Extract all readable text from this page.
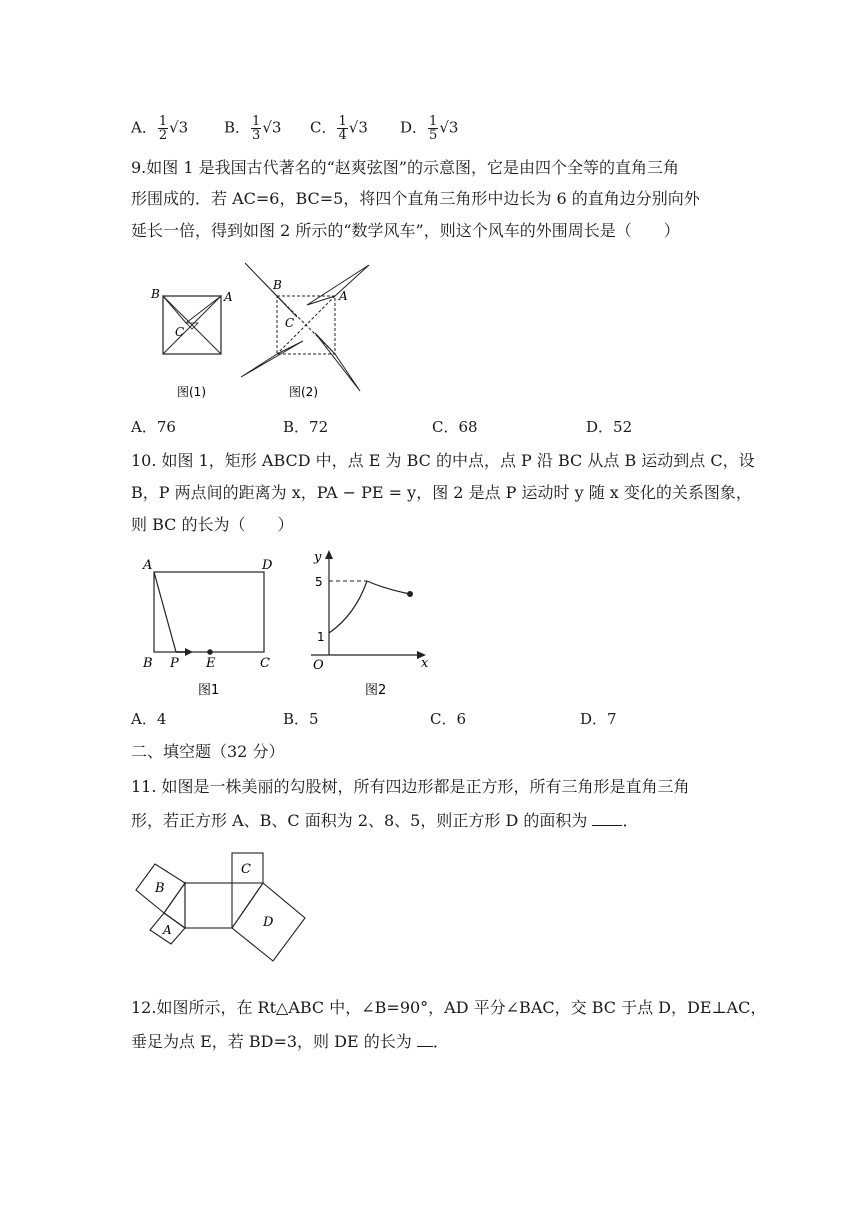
A． $\frac{1}{2} √3$ B． $\frac{1}{3} √3$ C． $\frac{1}{4} √3$ D． $\frac{1}{5} √3$
9.如图 1 是我国古代著名的“赵爽弦图”的示意图，它是由四个全等的直角三角
形围成的．若 AC=6，BC=5，将四个直角三角形中边长为 6 的直角边分别向外
延长一倍，得到如图 2 所示的“数学风车”，则这个风车的外围周长是（　　）
B	A
C
图(1)
B
A
C
图(2)
A．76	B．72	C．68	D．52
10. 如图 1，矩形 ABCD 中，点 E 为 BC 的中点，点 P 沿 BC 从点 B 运动到点 C，设
B，P 两点间的距离为 x，PA − PE = y，图 2 是点 P 运动时 y 随 x 变化的关系图象，
则 BC 的长为（　　）
A	D
B P E	C
图1
y
5
1
O	x
图2
A．4	B．5	C．6	D．7
二、填空题（32 分）
11. 如图是一株美丽的勾股树，所有四边形都是正方形，所有三角形是直角三角
形，若正方形 A、B、C 面积为 2、8、5，则正方形 D 的面积为 ．
B
A
C
D
12.如图所示，在 Rt△ABC 中，∠B=90°，AD 平分∠BAC，交 BC 于点 D，DE⊥AC，
垂足为点 E，若 BD=3，则 DE 的长为 ．
